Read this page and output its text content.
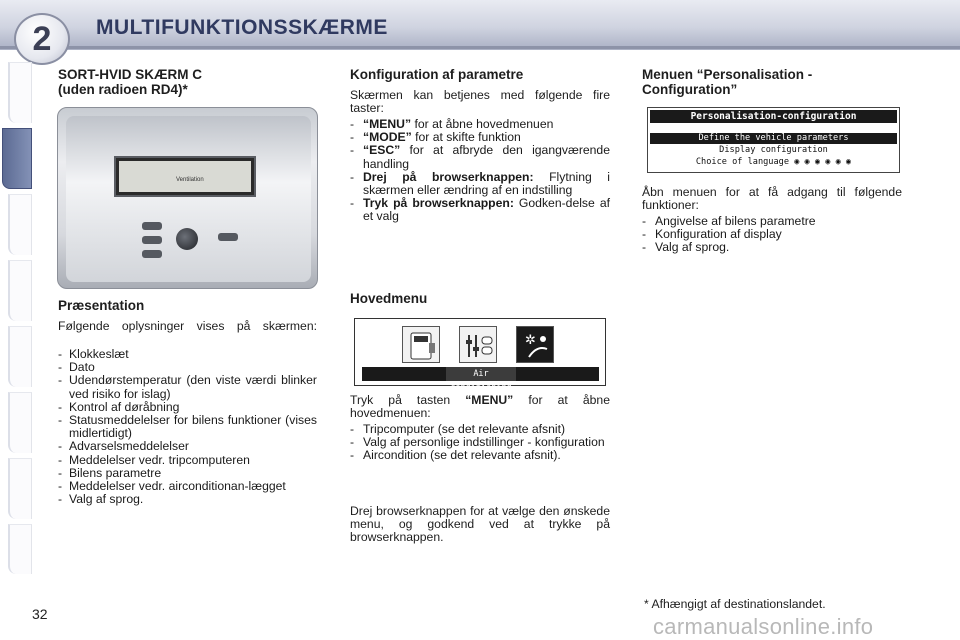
2 MULTIFUNKTIONSSKÆRME
SORT-HVID SKÆRM C
(uden radioen RD4)*
Ventilation
Præsentation
Følgende oplysninger vises på skærmen:
- Klokkeslæt
- Dato
- Udendørstemperatur (den viste værdi blinker ved risiko for islag)
- Kontrol af døråbning
- Statusmeddelelser for bilens funktioner (vises midlertidigt)
- Advarselsmeddelelser
- Meddelelser vedr. tripcomputeren
- Bilens parametre
- Meddelelser vedr. airconditionan-lægget
- Valg af sprog.
Konfiguration af parametre
Skærmen kan betjenes med følgende fire taster:
- “MENU” for at åbne hovedmenuen
- “MODE” for at skifte funktion
- “ESC” for at afbryde den igangværende handling
- Drej på browserknappen: Flytning i skærmen eller ændring af en indstilling
- Tryk på browserknappen: Godken-delse af et valg
Hovedmenu
✲
Air conditioning
Tryk på tasten “MENU” for at åbne hovedmenuen:
- Tripcomputer (se det relevante afsnit)
- Valg af personlige indstillinger - konfiguration
- Aircondition (se det relevante afsnit).
Drej browserknappen for at vælge den ønskede menu, og godkend ved at trykke på browserknappen.
Menuen “Personalisation -
Configuration”
Personalisation-configuration
Define the vehicle parameters
Display configuration
Choice of language ◉ ◉ ◉ ◉ ◉ ◉
Åbn menuen for at få adgang til følgende funktioner:
- Angivelse af bilens parametre
- Konfiguration af display
- Valg af sprog.
* Afhængigt af destinationslandet.
32	carmanualsonline.info
